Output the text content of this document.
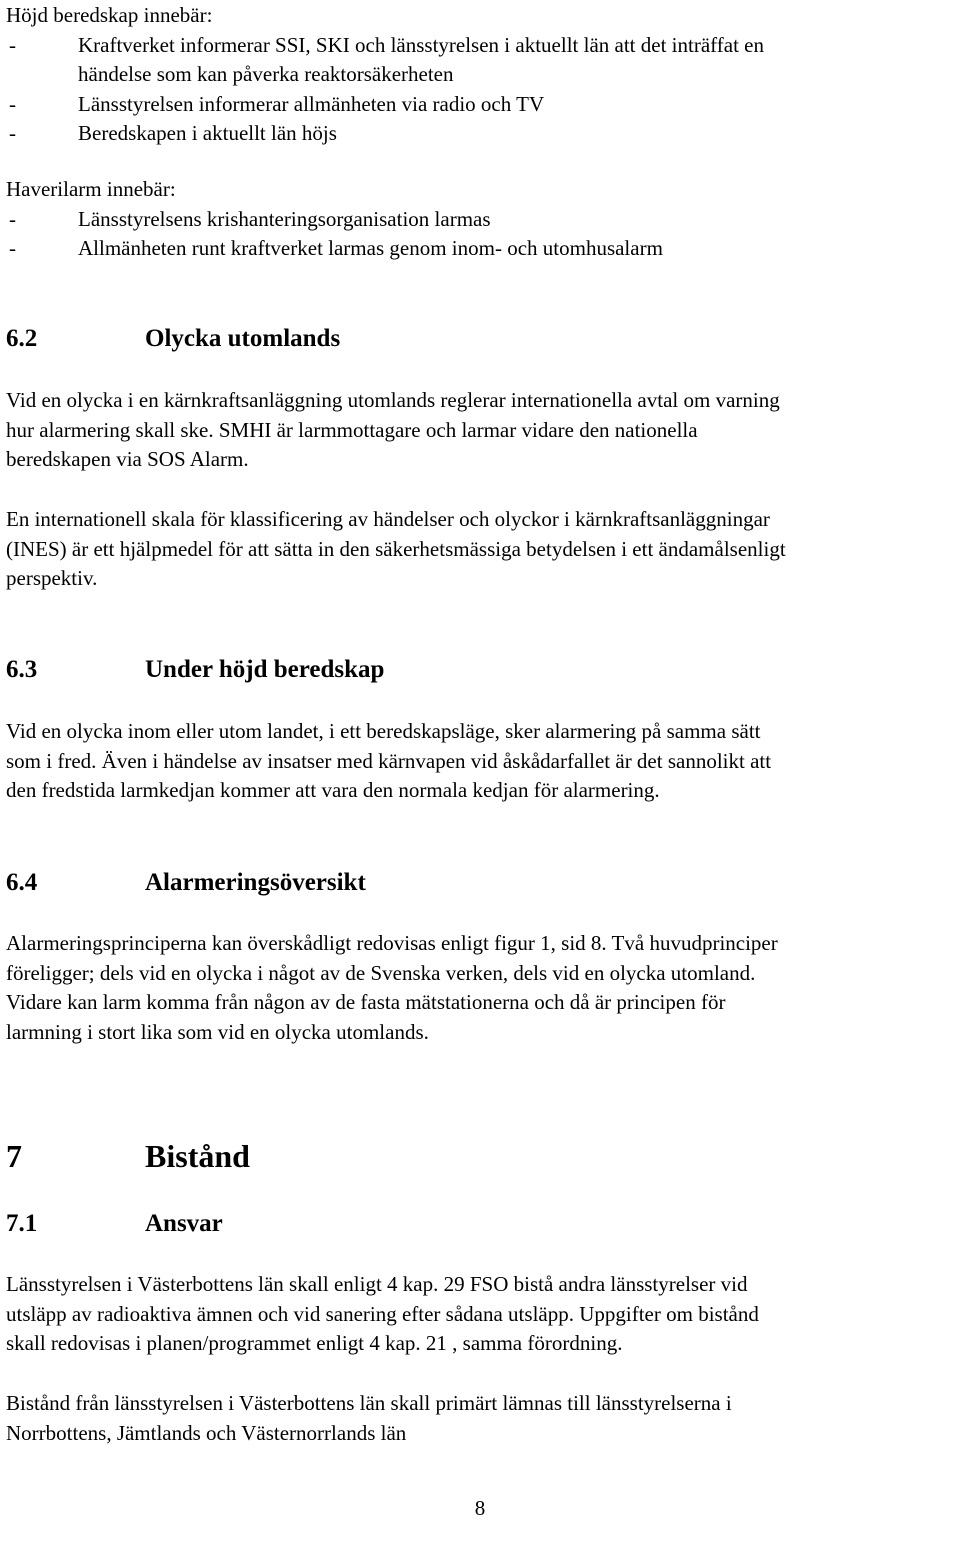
Höjd beredskap innebär:
-	Kraftverket informerar SSI, SKI och länsstyrelsen i aktuellt län att det inträffat en
händelse som kan påverka reaktorsäkerheten
-	Länsstyrelsen informerar allmänheten via radio och TV
-	Beredskapen i aktuellt län höjs
Haverilarm innebär:
-	Länsstyrelsens krishanteringsorganisation larmas
-	Allmänheten runt kraftverket larmas genom inom- och utomhusalarm
6.2	Olycka utomlands
Vid en olycka i en kärnkraftsanläggning utomlands reglerar internationella avtal om varning
hur alarmering skall ske. SMHI är larmmottagare och larmar vidare den nationella
beredskapen via SOS Alarm.
En internationell skala för klassificering av händelser och olyckor i kärnkraftsanläggningar
(INES) är ett hjälpmedel för att sätta in den säkerhetsmässiga betydelsen i ett ändamålsenligt
perspektiv.
6.3	Under höjd beredskap
Vid en olycka inom eller utom landet, i ett beredskapsläge, sker alarmering på samma sätt
som i fred. Även i händelse av insatser med kärnvapen vid åskådarfallet är det sannolikt att
den fredstida larmkedjan kommer att vara den normala kedjan för alarmering.
6.4	Alarmeringsöversikt
Alarmeringsprinciperna kan överskådligt redovisas enligt figur 1, sid 8. Två huvudprinciper
föreligger; dels vid en olycka i något av de Svenska verken, dels vid en olycka utomland.
Vidare kan larm komma från någon av de fasta mätstationerna och då är principen för
larmning i stort lika som vid en olycka utomlands.
7	Bistånd
7.1	Ansvar
Länsstyrelsen i Västerbottens län skall enligt 4 kap. 29 FSO bistå andra länsstyrelser vid
utsläpp av radioaktiva ämnen och vid sanering efter sådana utsläpp. Uppgifter om bistånd
skall redovisas i planen/programmet enligt 4 kap. 21 , samma förordning.
Bistånd från länsstyrelsen i Västerbottens län skall primärt lämnas till länsstyrelserna i
Norrbottens, Jämtlands och Västernorrlands län
8
